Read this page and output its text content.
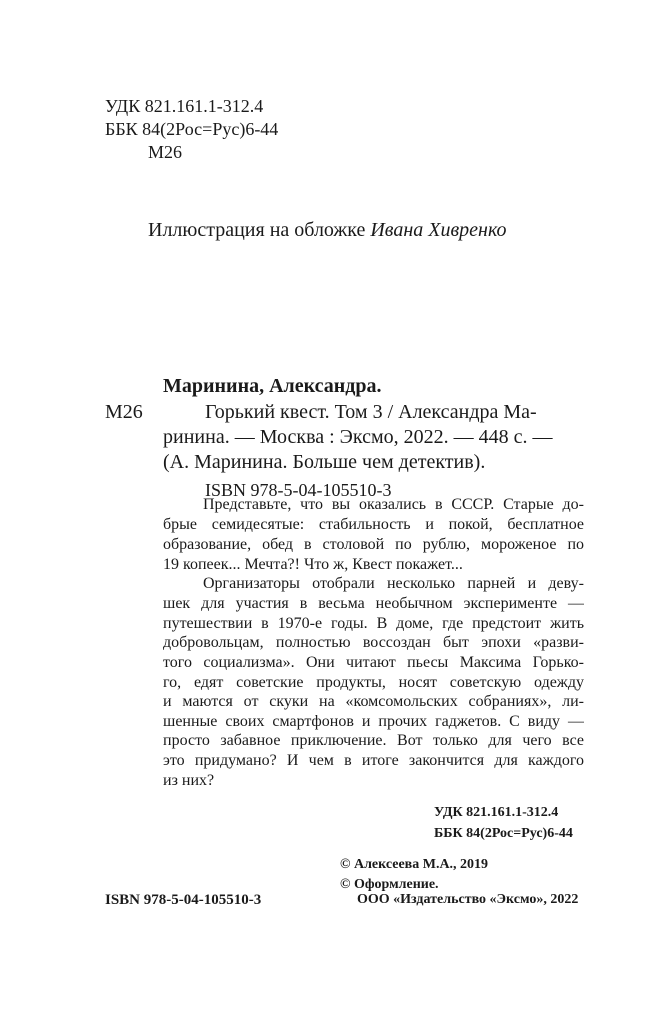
УДК 821.161.1-312.4
ББК 84(2Рос=Рус)6-44
М26
Иллюстрация на обложке Ивана Хивренко
Маринина, Александра.
М26	Горький квест. Том 3 / Александра Ма-
ринина. — Москва : Эксмо, 2022. — 448 с. —
(А. Маринина. Больше чем детектив).
ISBN 978-5-04-105510-3
Представьте, что вы оказались в СССР. Старые до-
брые семидесятые: стабильность и покой, бесплатное
образование, обед в столовой по рублю, мороженое по
19 копеек... Мечта?! Что ж, Квест покажет...
Организаторы отобрали несколько парней и деву-
шек для участия в весьма необычном эксперименте —
путешествии в 1970-е годы. В доме, где предстоит жить
добровольцам, полностью воссоздан быт эпохи «разви-
того социализма». Они читают пьесы Максима Горько-
го, едят советские продукты, носят советскую одежду
и маются от скуки на «комсомольских собраниях», ли-
шенные своих смартфонов и прочих гаджетов. С виду —
просто забавное приключение. Вот только для чего все
это придумано? И чем в итоге закончится для каждого
из них?
УДК 821.161.1-312.4
ББК 84(2Рос=Рус)6-44
© Алексеева М.А., 2019
© Оформление.
ООО «Издательство «Эксмо», 2022
ISBN 978-5-04-105510-3
